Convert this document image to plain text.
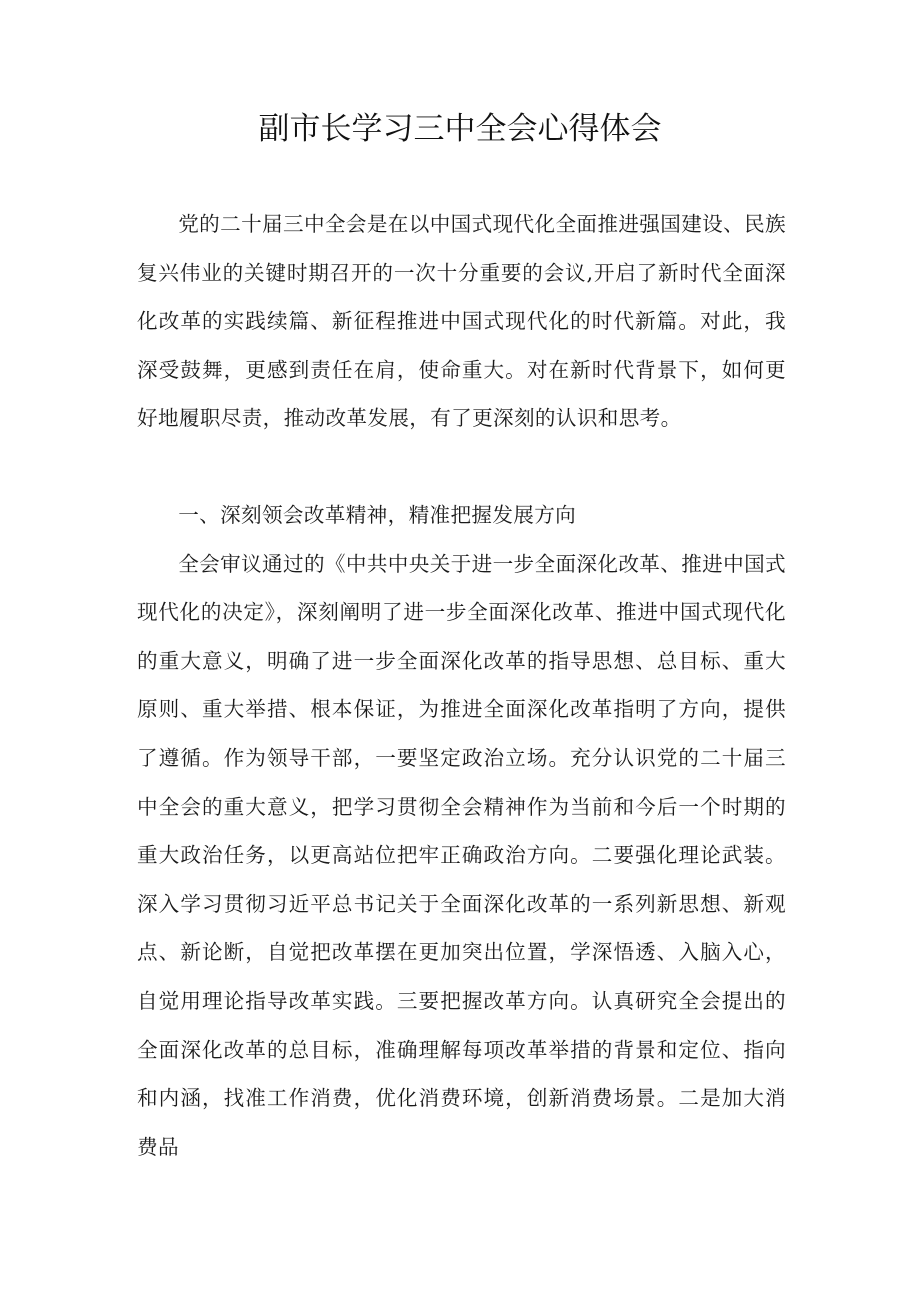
副市长学习三中全会心得体会

党的二十届三中全会是在以中国式现代化全面推进强国建设、民族复兴伟业的关键时期召开的一次十分重要的会议,开启了新时代全面深化改革的实践续篇、新征程推进中国式现代化的时代新篇。对此，我深受鼓舞，更感到责任在肩，使命重大。对在新时代背景下，如何更好地履职尽责，推动改革发展，有了更深刻的认识和思考。

一、深刻领会改革精神，精准把握发展方向

全会审议通过的《中共中央关于进一步全面深化改革、推进中国式现代化的决定》，深刻阐明了进一步全面深化改革、推进中国式现代化的重大意义，明确了进一步全面深化改革的指导思想、总目标、重大原则、重大举措、根本保证，为推进全面深化改革指明了方向，提供了遵循。作为领导干部，一要坚定政治立场。充分认识党的二十届三中全会的重大意义，把学习贯彻全会精神作为当前和今后一个时期的重大政治任务，以更高站位把牢正确政治方向。二要强化理论武装。深入学习贯彻习近平总书记关于全面深化改革的一系列新思想、新观点、新论断，自觉把改革摆在更加突出位置，学深悟透、入脑入心，自觉用理论指导改革实践。三要把握改革方向。认真研究全会提出的全面深化改革的总目标，准确理解每项改革举措的背景和定位、指向和内涵，找准工作消费，优化消费环境，创新消费场景。二是加大消费品
